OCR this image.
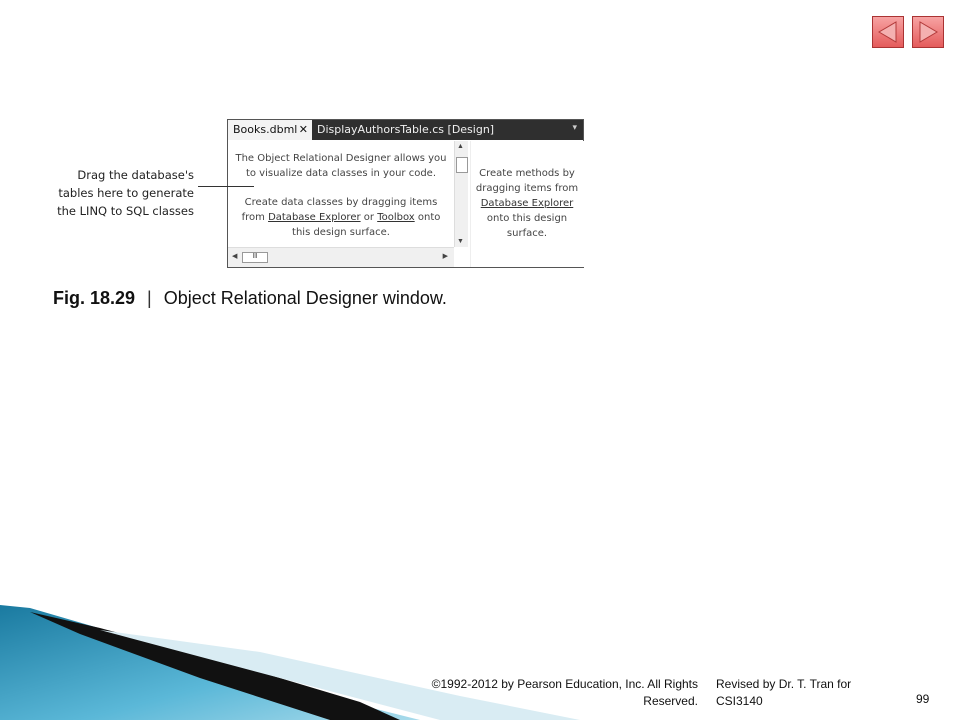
Books.dbml ✕ DisplayAuthorsTable.cs [Design]	▾

The Object Relational Designer allows you to visualize data classes in your code.

Create data classes by dragging items from Database Explorer or Toolbox onto this design surface.

▲
▼
◀	Ⅲ	▶

Create methods by dragging items from Database Explorer onto this design surface.

Drag the database's tables here to generate the LINQ to SQL classes

Fig. 18.29 | Object Relational Designer window.

©1992-2012 by Pearson Education, Inc. All Rights Reserved.

Revised by Dr. T. Tran for CSI3140	99
